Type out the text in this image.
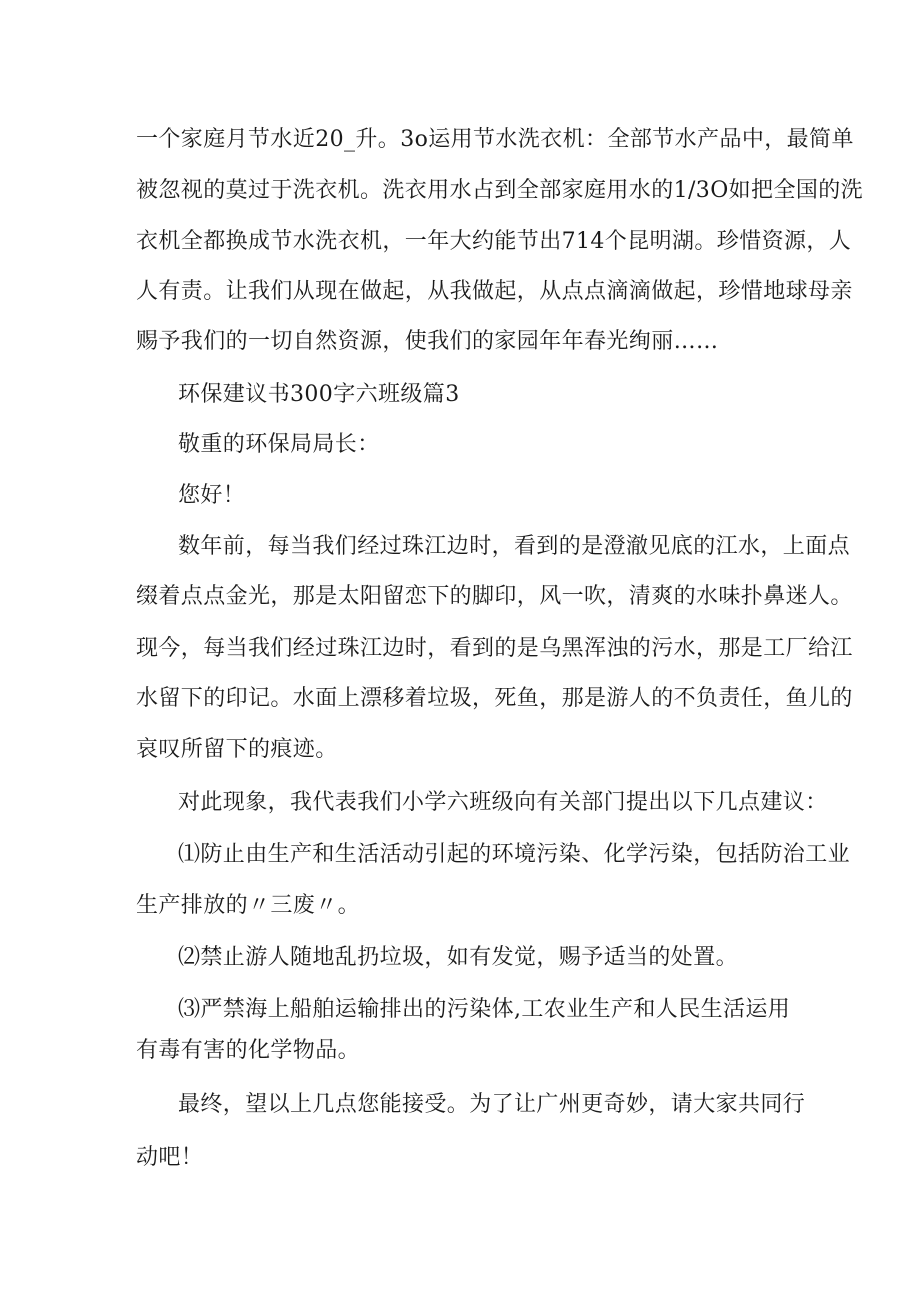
一个家庭月节水近20_升。3o运用节水洗衣机：全部节水产品中，最简单
被忽视的莫过于洗衣机。洗衣用水占到全部家庭用水的1/3O如把全国的洗
衣机全都换成节水洗衣机，一年大约能节出714个昆明湖。珍惜资源，人
人有责。让我们从现在做起，从我做起，从点点滴滴做起，珍惜地球母亲
赐予我们的一切自然资源，使我们的家园年年春光绚丽……
环保建议书300字六班级篇3
敬重的环保局局长：
您好！
数年前，每当我们经过珠江边时，看到的是澄澈见底的江水，上面点
缀着点点金光，那是太阳留恋下的脚印，风一吹，清爽的水味扑鼻迷人。
现今，每当我们经过珠江边时，看到的是乌黑浑浊的污水，那是工厂给江
水留下的印记。水面上漂移着垃圾，死鱼，那是游人的不负责任，鱼儿的
哀叹所留下的痕迹。
对此现象，我代表我们小学六班级向有关部门提出以下几点建议：
⑴防止由生产和生活活动引起的环境污染、化学污染，包括防治工业
生产排放的〃三废〃。
⑵禁止游人随地乱扔垃圾，如有发觉，赐予适当的处置。
⑶严禁海上船舶运输排出的污染体,工农业生产和人民生活运用
有毒有害的化学物品。
最终，望以上几点您能接受。为了让广州更奇妙，请大家共同行
动吧！
